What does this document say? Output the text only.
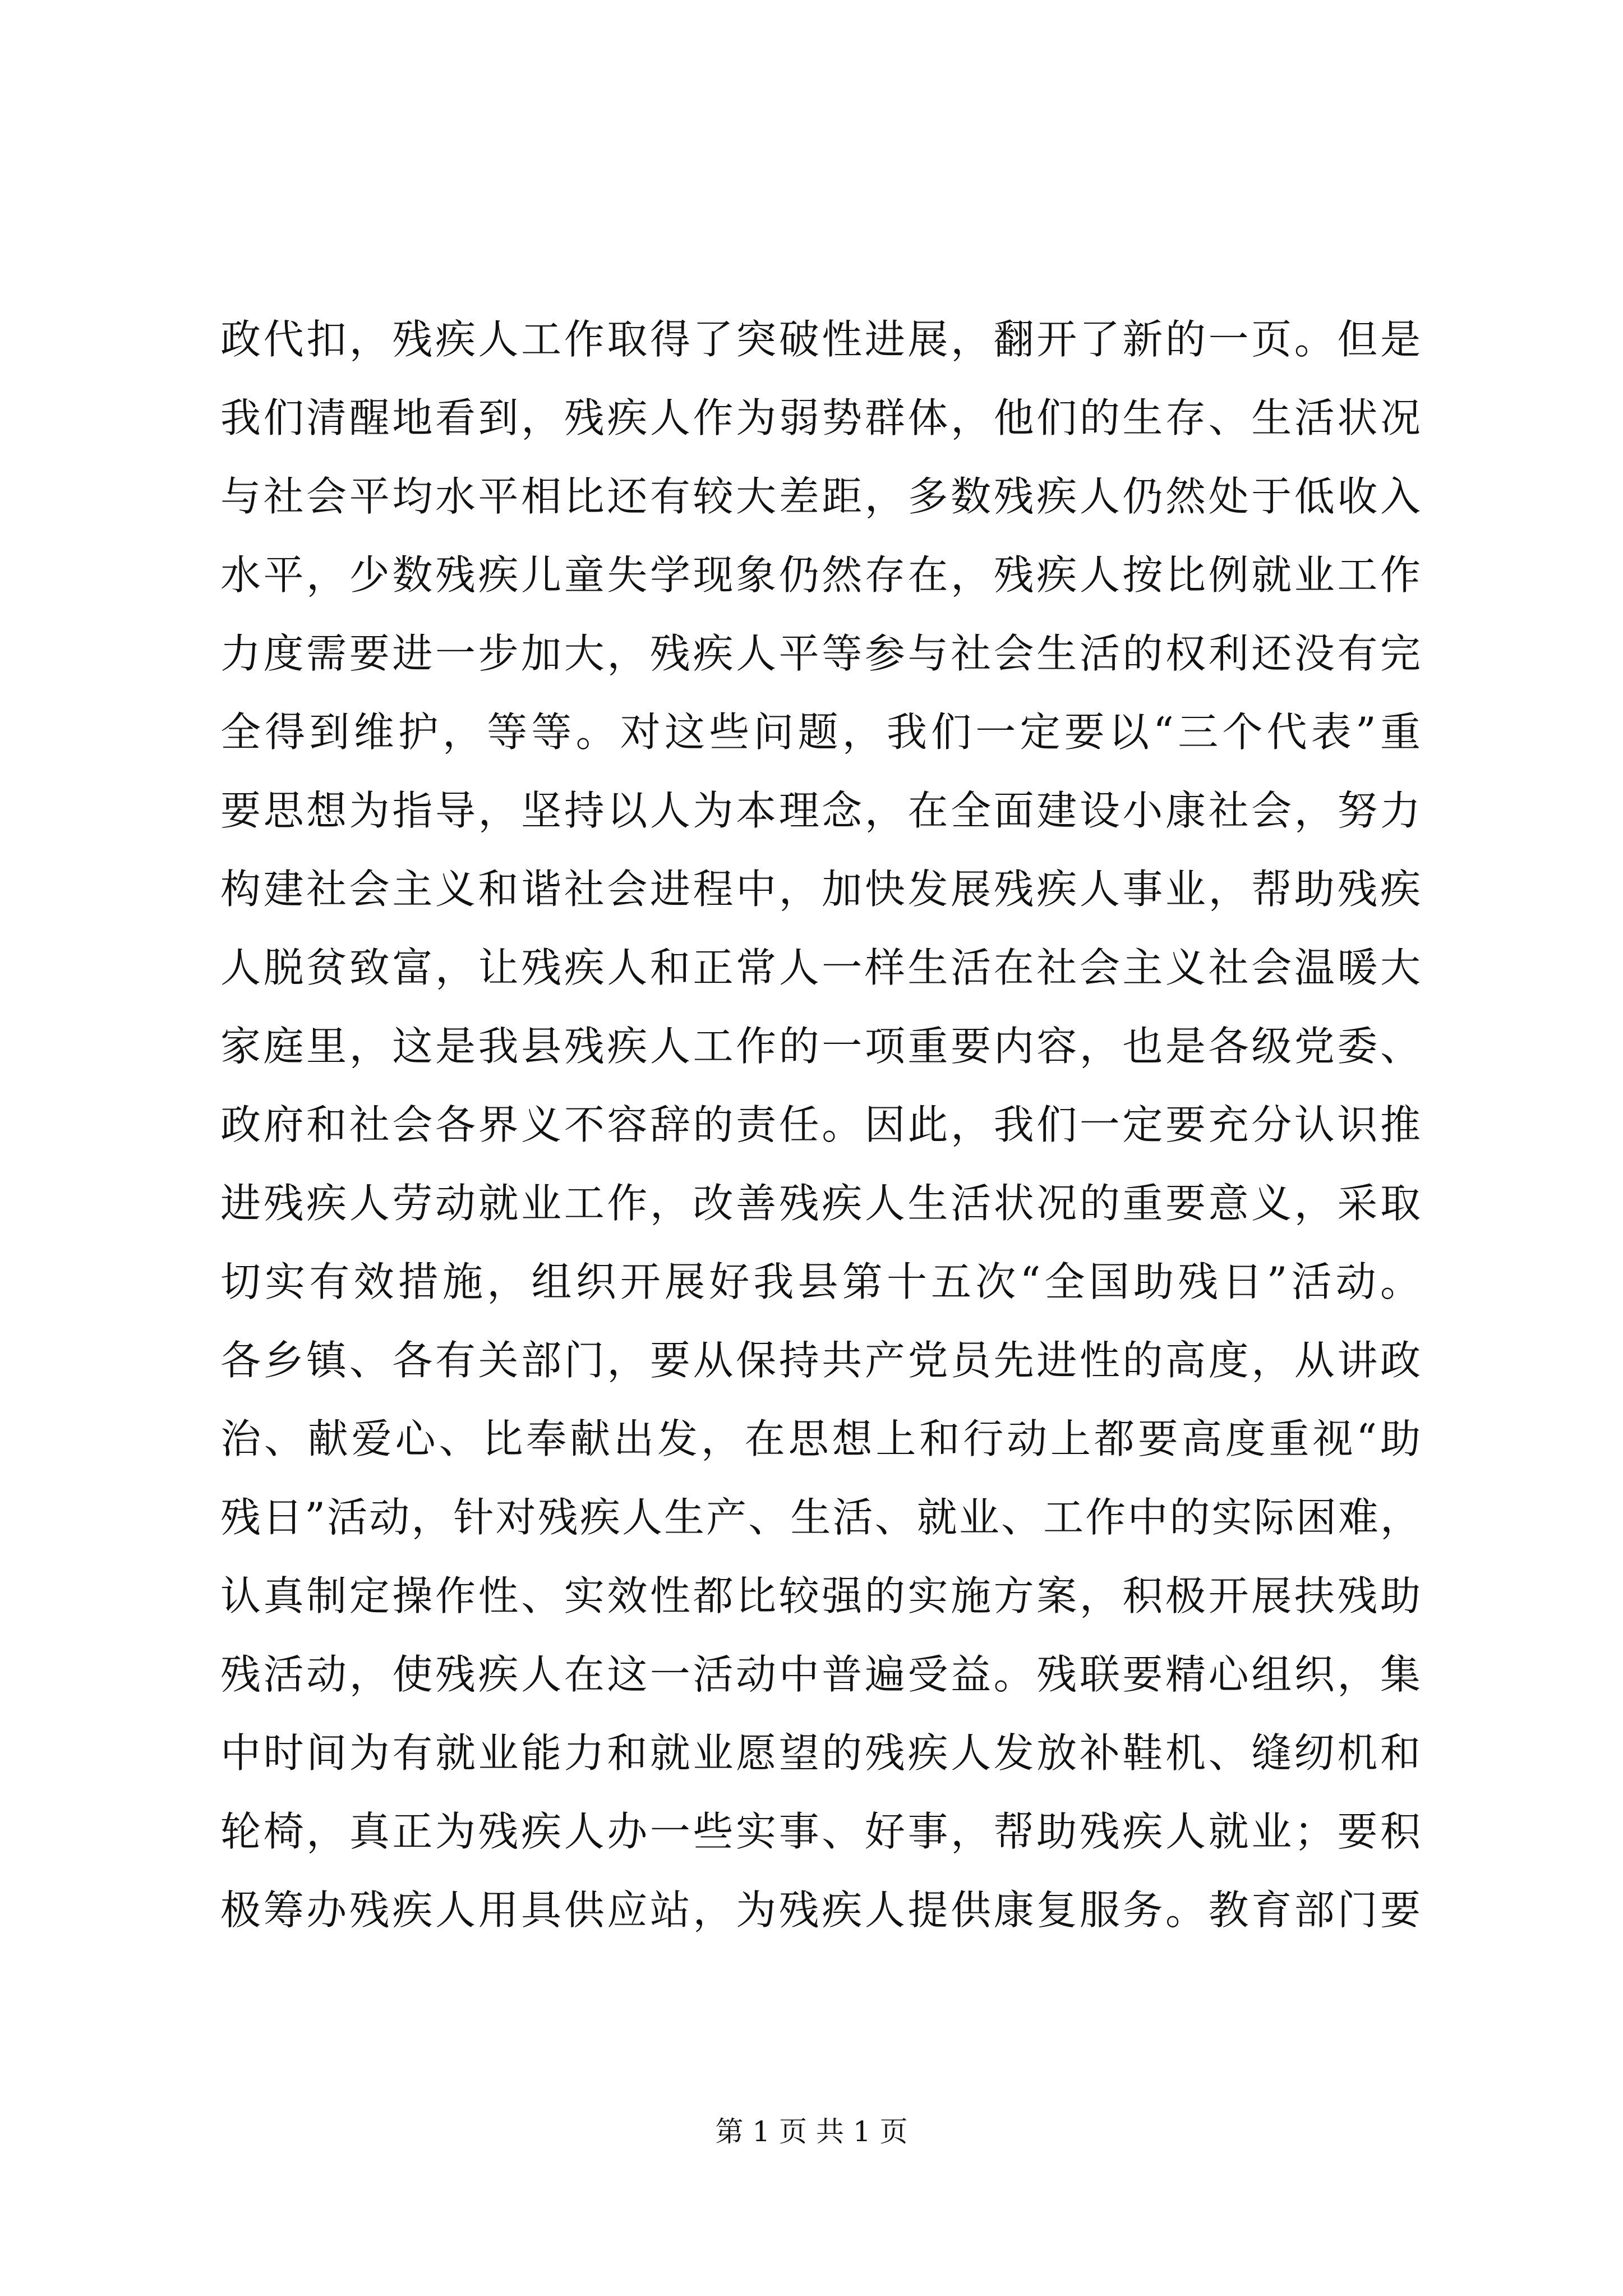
政代扣，残疾人工作取得了突破性进展，翻开了新的一页。但是
我们清醒地看到，残疾人作为弱势群体，他们的生存、生活状况
与社会平均水平相比还有较大差距，多数残疾人仍然处于低收入
水平，少数残疾儿童失学现象仍然存在，残疾人按比例就业工作
力度需要进一步加大，残疾人平等参与社会生活的权利还没有完
全得到维护，等等。对这些问题，我们一定要以“三个代表”重
要思想为指导，坚持以人为本理念，在全面建设小康社会，努力
构建社会主义和谐社会进程中，加快发展残疾人事业，帮助残疾
人脱贫致富，让残疾人和正常人一样生活在社会主义社会温暖大
家庭里，这是我县残疾人工作的一项重要内容，也是各级党委、
政府和社会各界义不容辞的责任。因此，我们一定要充分认识推
进残疾人劳动就业工作，改善残疾人生活状况的重要意义，采取
切实有效措施，组织开展好我县第十五次“全国助残日”活动。
各乡镇、各有关部门，要从保持共产党员先进性的高度，从讲政
治、献爱心、比奉献出发，在思想上和行动上都要高度重视“助
残日”活动，针对残疾人生产、生活、就业、工作中的实际困难，
认真制定操作性、实效性都比较强的实施方案，积极开展扶残助
残活动，使残疾人在这一活动中普遍受益。残联要精心组织，集
中时间为有就业能力和就业愿望的残疾人发放补鞋机、缝纫机和
轮椅，真正为残疾人办一些实事、好事，帮助残疾人就业；要积
极筹办残疾人用具供应站，为残疾人提供康复服务。教育部门要
第 1 页 共 1 页
